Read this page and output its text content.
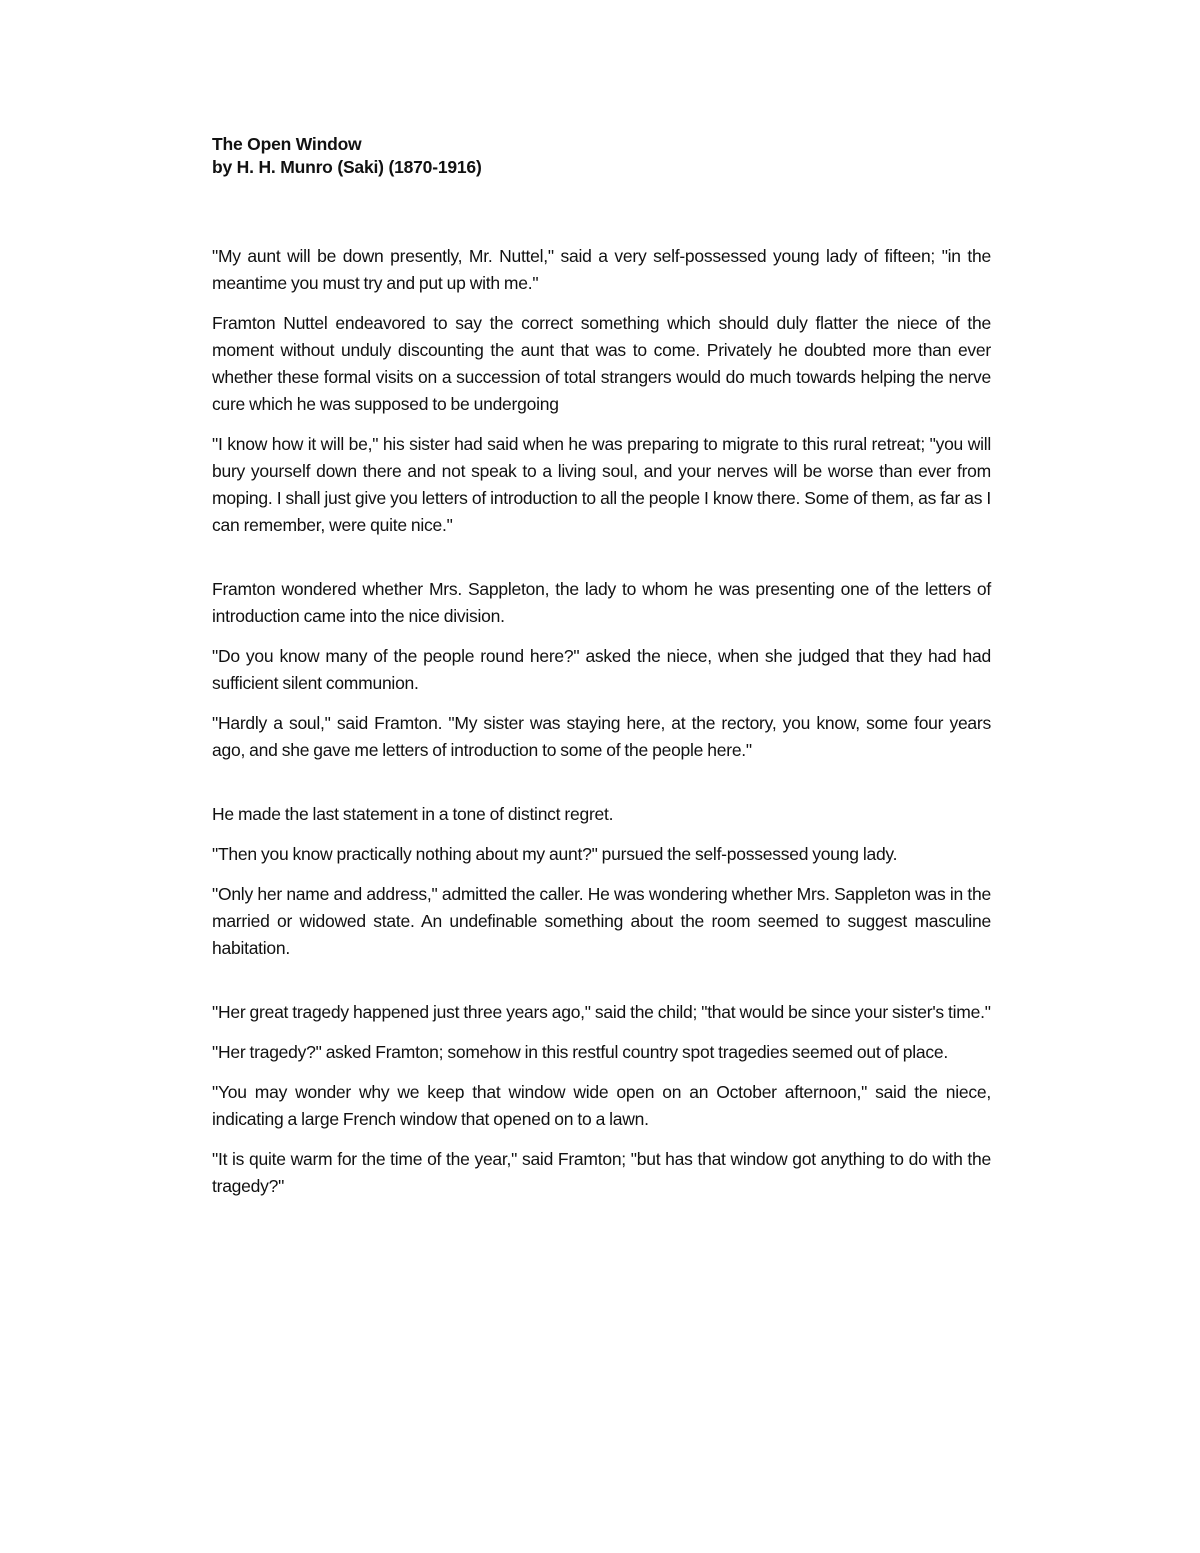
The Open Window
by H. H. Munro (Saki) (1870-1916)

"My aunt will be down presently, Mr. Nuttel," said a very self-possessed young lady of fifteen; "in the meantime you must try and put up with me."

Framton Nuttel endeavored to say the correct something which should duly flatter the niece of the moment without unduly discounting the aunt that was to come. Privately he doubted more than ever whether these formal visits on a succession of total strangers would do much towards helping the nerve cure which he was supposed to be undergoing

"I know how it will be," his sister had said when he was preparing to migrate to this rural retreat; "you will bury yourself down there and not speak to a living soul, and your nerves will be worse than ever from moping. I shall just give you letters of introduction to all the people I know there. Some of them, as far as I can remember, were quite nice."

Framton wondered whether Mrs. Sappleton, the lady to whom he was presenting one of the letters of introduction came into the nice division.

"Do you know many of the people round here?" asked the niece, when she judged that they had had sufficient silent communion.

"Hardly a soul," said Framton. "My sister was staying here, at the rectory, you know, some four years ago, and she gave me letters of introduction to some of the people here."

He made the last statement in a tone of distinct regret.

"Then you know practically nothing about my aunt?" pursued the self-possessed young lady.

"Only her name and address," admitted the caller. He was wondering whether Mrs. Sappleton was in the married or widowed state. An undefinable something about the room seemed to suggest masculine habitation.

"Her great tragedy happened just three years ago," said the child; "that would be since your sister's time."

"Her tragedy?" asked Framton; somehow in this restful country spot tragedies seemed out of place.

"You may wonder why we keep that window wide open on an October afternoon," said the niece, indicating a large French window that opened on to a lawn.

"It is quite warm for the time of the year," said Framton; "but has that window got anything to do with the tragedy?"
